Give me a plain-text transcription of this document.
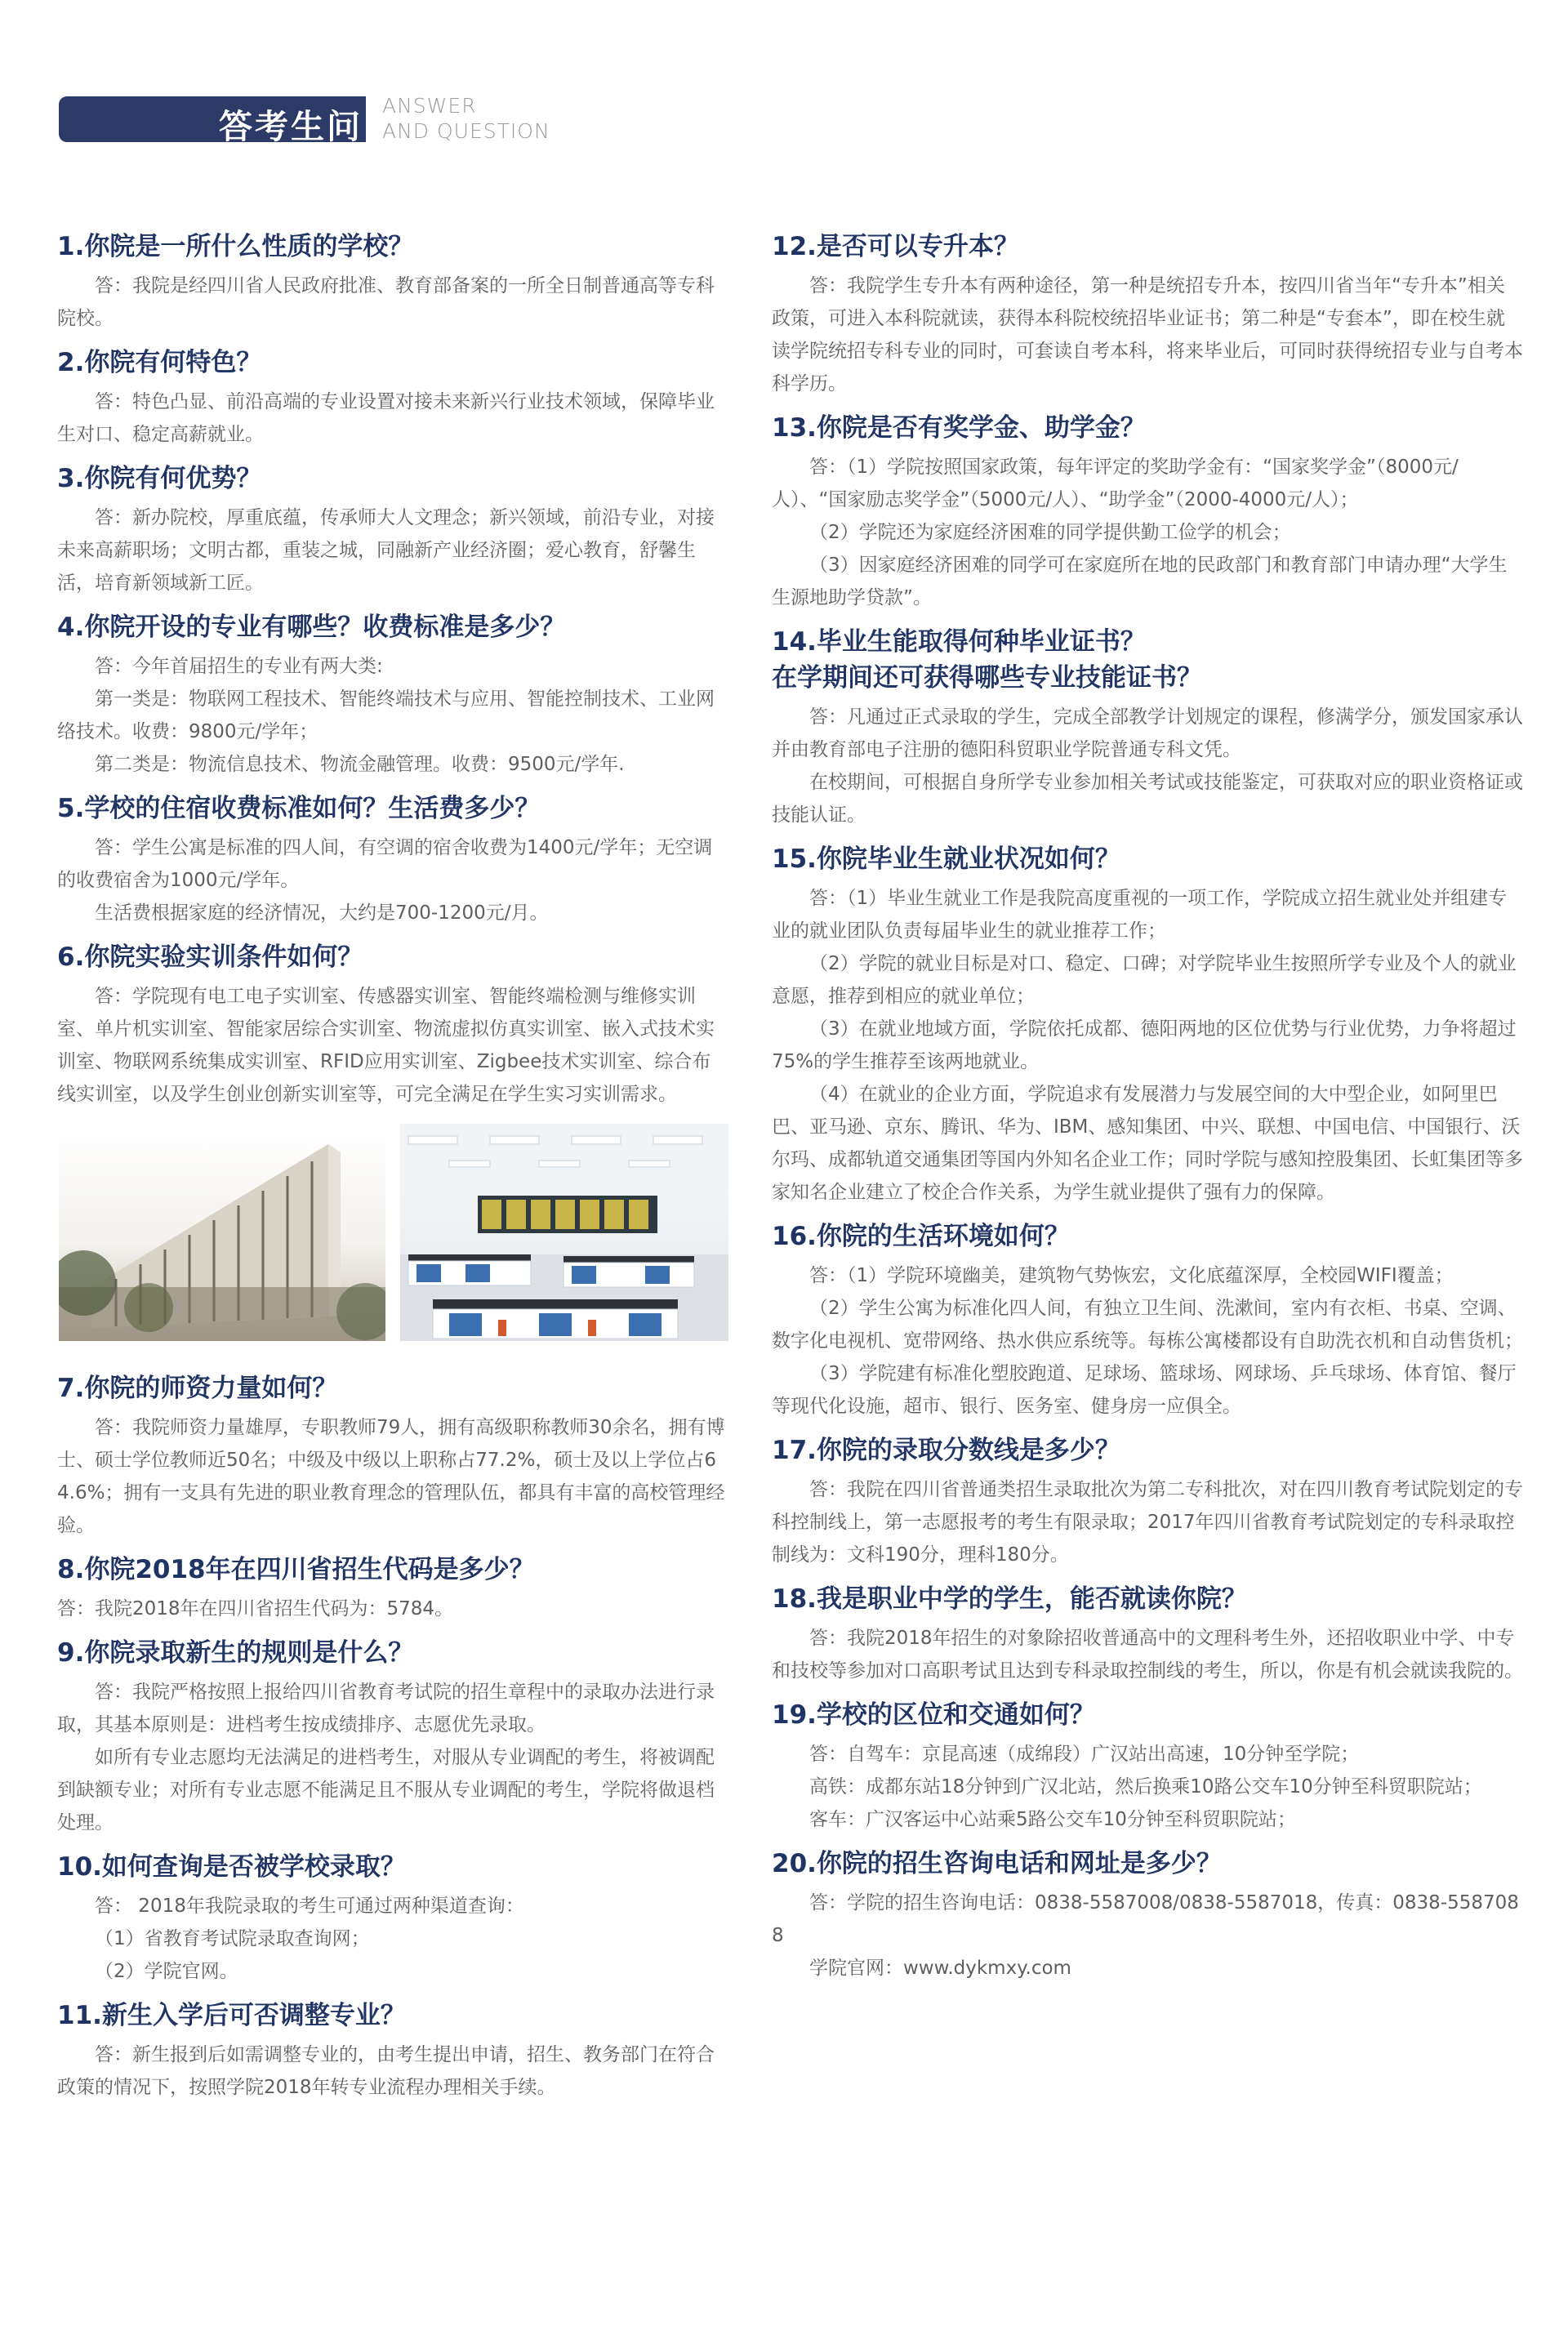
答考生问
ANSWER
AND QUESTION
1.你院是一所什么性质的学校？
答：我院是经四川省人民政府批准、教育部备案的一所全日制普通高等专科院校。
2.你院有何特色？
答：特色凸显、前沿高端的专业设置对接未来新兴行业技术领域，保障毕业生对口、稳定高薪就业。
3.你院有何优势？
答：新办院校，厚重底蕴，传承师大人文理念；新兴领域，前沿专业，对接未来高薪职场；文明古都，重装之城，同融新产业经济圈；爱心教育，舒馨生活，培育新领域新工匠。
4.你院开设的专业有哪些？收费标准是多少？
答：今年首届招生的专业有两大类:
第一类是：物联网工程技术、智能终端技术与应用、智能控制技术、工业网络技术。收费：9800元/学年；
第二类是：物流信息技术、物流金融管理。收费：9500元/学年.
5.学校的住宿收费标准如何？生活费多少？
答：学生公寓是标准的四人间，有空调的宿舍收费为1400元/学年；无空调的收费宿舍为1000元/学年。
生活费根据家庭的经济情况，大约是700-1200元/月。
6.你院实验实训条件如何？
答：学院现有电工电子实训室、传感器实训室、智能终端检测与维修实训室、单片机实训室、智能家居综合实训室、物流虚拟仿真实训室、嵌入式技术实训室、物联网系统集成实训室、RFID应用实训室、Zigbee技术实训室、综合布线实训室，以及学生创业创新实训室等，可完全满足在学生实习实训需求。
7.你院的师资力量如何？
答：我院师资力量雄厚，专职教师79人，拥有高级职称教师30余名，拥有博士、硕士学位教师近50名；中级及中级以上职称占77.2%，硕士及以上学位占64.6%；拥有一支具有先进的职业教育理念的管理队伍，都具有丰富的高校管理经验。
8.你院2018年在四川省招生代码是多少？
答：我院2018年在四川省招生代码为：5784。
9.你院录取新生的规则是什么？
答：我院严格按照上报给四川省教育考试院的招生章程中的录取办法进行录取，其基本原则是：进档考生按成绩排序、志愿优先录取。
如所有专业志愿均无法满足的进档考生，对服从专业调配的考生，将被调配到缺额专业；对所有专业志愿不能满足且不服从专业调配的考生，学院将做退档处理。
10.如何查询是否被学校录取？
答： 2018年我院录取的考生可通过两种渠道查询：
（1）省教育考试院录取查询网；
（2）学院官网。
11.新生入学后可否调整专业？
答：新生报到后如需调整专业的，由考生提出申请，招生、教务部门在符合政策的情况下，按照学院2018年转专业流程办理相关手续。
12.是否可以专升本？
答：我院学生专升本有两种途径，第一种是统招专升本，按四川省当年“专升本”相关政策，可进入本科院就读，获得本科院校统招毕业证书；第二种是“专套本”，即在校生就读学院统招专科专业的同时，可套读自考本科，将来毕业后，可同时获得统招专业与自考本科学历。
13.你院是否有奖学金、助学金？
答：（1）学院按照国家政策，每年评定的奖助学金有：“国家奖学金”（8000元/人）、“国家励志奖学金”（5000元/人）、“助学金”（2000-4000元/人）；
（2）学院还为家庭经济困难的同学提供勤工俭学的机会；
（3）因家庭经济困难的同学可在家庭所在地的民政部门和教育部门申请办理“大学生生源地助学贷款”。
14.毕业生能取得何种毕业证书？
在学期间还可获得哪些专业技能证书？
答：凡通过正式录取的学生，完成全部教学计划规定的课程，修满学分，颁发国家承认并由教育部电子注册的德阳科贸职业学院普通专科文凭。
在校期间，可根据自身所学专业参加相关考试或技能鉴定，可获取对应的职业资格证或技能认证。
15.你院毕业生就业状况如何？
答：（1）毕业生就业工作是我院高度重视的一项工作，学院成立招生就业处并组建专业的就业团队负责每届毕业生的就业推荐工作；
（2）学院的就业目标是对口、稳定、口碑；对学院毕业生按照所学专业及个人的就业意愿，推荐到相应的就业单位；
（3）在就业地域方面，学院依托成都、德阳两地的区位优势与行业优势，力争将超过75%的学生推荐至该两地就业。
（4）在就业的企业方面，学院追求有发展潜力与发展空间的大中型企业，如阿里巴巴、亚马逊、京东、腾讯、华为、IBM、感知集团、中兴、联想、中国电信、中国银行、沃尔玛、成都轨道交通集团等国内外知名企业工作；同时学院与感知控股集团、长虹集团等多家知名企业建立了校企合作关系，为学生就业提供了强有力的保障。
16.你院的生活环境如何？
答：（1）学院环境幽美，建筑物气势恢宏，文化底蕴深厚，全校园WIFI覆盖；
（2）学生公寓为标准化四人间，有独立卫生间、洗漱间，室内有衣柜、书桌、空调、数字化电视机、宽带网络、热水供应系统等。每栋公寓楼都设有自助洗衣机和自动售货机；
（3）学院建有标准化塑胶跑道、足球场、篮球场、网球场、乒乓球场、体育馆、餐厅等现代化设施，超市、银行、医务室、健身房一应俱全。
17.你院的录取分数线是多少？
答：我院在四川省普通类招生录取批次为第二专科批次，对在四川教育考试院划定的专科控制线上，第一志愿报考的考生有限录取；2017年四川省教育考试院划定的专科录取控制线为：文科190分，理科180分。
18.我是职业中学的学生，能否就读你院？
答：我院2018年招生的对象除招收普通高中的文理科考生外，还招收职业中学、中专和技校等参加对口高职考试且达到专科录取控制线的考生，所以，你是有机会就读我院的。
19.学校的区位和交通如何？
答：自驾车：京昆高速（成绵段）广汉站出高速，10分钟至学院；
高铁：成都东站18分钟到广汉北站，然后换乘10路公交车10分钟至科贸职院站；
客车：广汉客运中心站乘5路公交车10分钟至科贸职院站；
20.你院的招生咨询电话和网址是多少？
答：学院的招生咨询电话：0838-5587008/0838-5587018，传真：0838-5587088
学院官网：www.dykmxy.com
